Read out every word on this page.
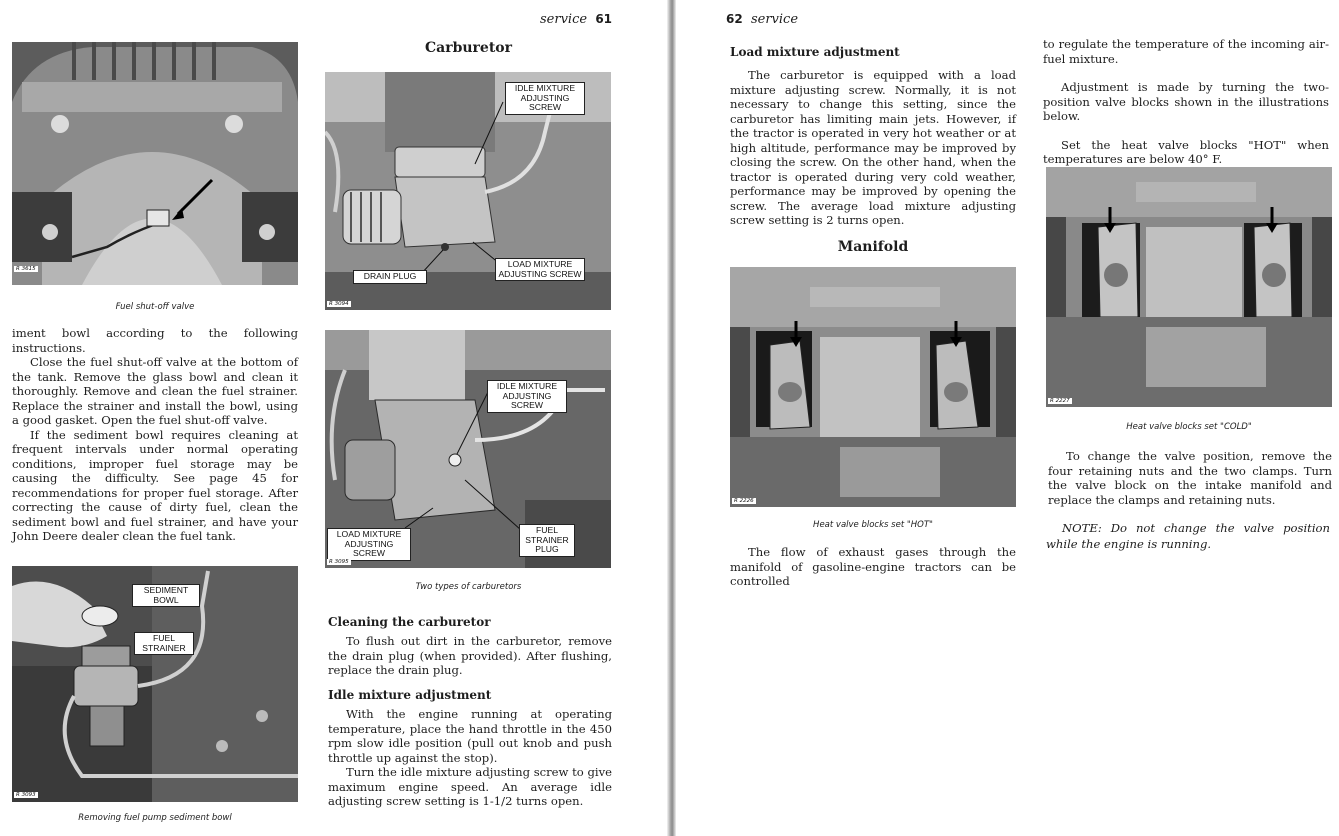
service 61
R 3615
Fuel shut-off valve

iment bowl according to the following instructions.

Close the fuel shut-off valve at the bottom of the tank. Remove the glass bowl and clean it thoroughly. Remove and clean the fuel strainer. Replace the strainer and install the bowl, using a good gasket. Open the fuel shut-off valve.

If the sediment bowl requires cleaning at frequent intervals under normal operating conditions, improper fuel storage may be causing the difficulty. See page 45 for recommendations for proper fuel storage. After correcting the cause of dirty fuel, clean the sediment bowl and fuel strainer, and have your John Deere dealer clean the fuel tank.

SEDIMENT BOWL
FUEL STRAINER
R 3093
Removing fuel pump sediment bowl
Carburetor
IDLE MIXTURE ADJUSTING SCREW
DRAIN PLUG
LOAD MIXTURE ADJUSTING SCREW
R 3094
IDLE MIXTURE ADJUSTING SCREW
LOAD MIXTURE ADJUSTING SCREW
FUEL STRAINER PLUG
R 3095
Two types of carburetors
Cleaning the carburetor

To flush out dirt in the carburetor, remove the drain plug (when provided). After flushing, replace the drain plug.

Idle mixture adjustment

With the engine running at operating temperature, place the hand throttle in the 450 rpm slow idle position (pull out knob and push throttle up against the stop).

Turn the idle mixture adjusting screw to give maximum engine speed. An average idle adjusting screw setting is 1-1/2 turns open.

62 service
Load mixture adjustment

The carburetor is equipped with a load mixture adjusting screw. Normally, it is not necessary to change this setting, since the carburetor has limiting main jets. However, if the tractor is operated in very hot weather or at high altitude, performance may be improved by closing the screw. On the other hand, when the tractor is operated during very cold weather, performance may be improved by opening the screw. The average load mixture adjusting screw setting is 2 turns open.

Manifold
R 2226
Heat valve blocks set "HOT"

The flow of exhaust gases through the manifold of gasoline-engine tractors can be controlled

to regulate the temperature of the incoming air-fuel mixture.

Adjustment is made by turning the two-position valve blocks shown in the illustrations below.

Set the heat valve blocks "HOT" when temperatures are below 40° F.

R 2227
Heat valve blocks set "COLD"

To change the valve position, remove the four retaining nuts and the two clamps. Turn the valve block on the intake manifold and replace the clamps and retaining nuts.

NOTE: Do not change the valve position while the engine is running.
